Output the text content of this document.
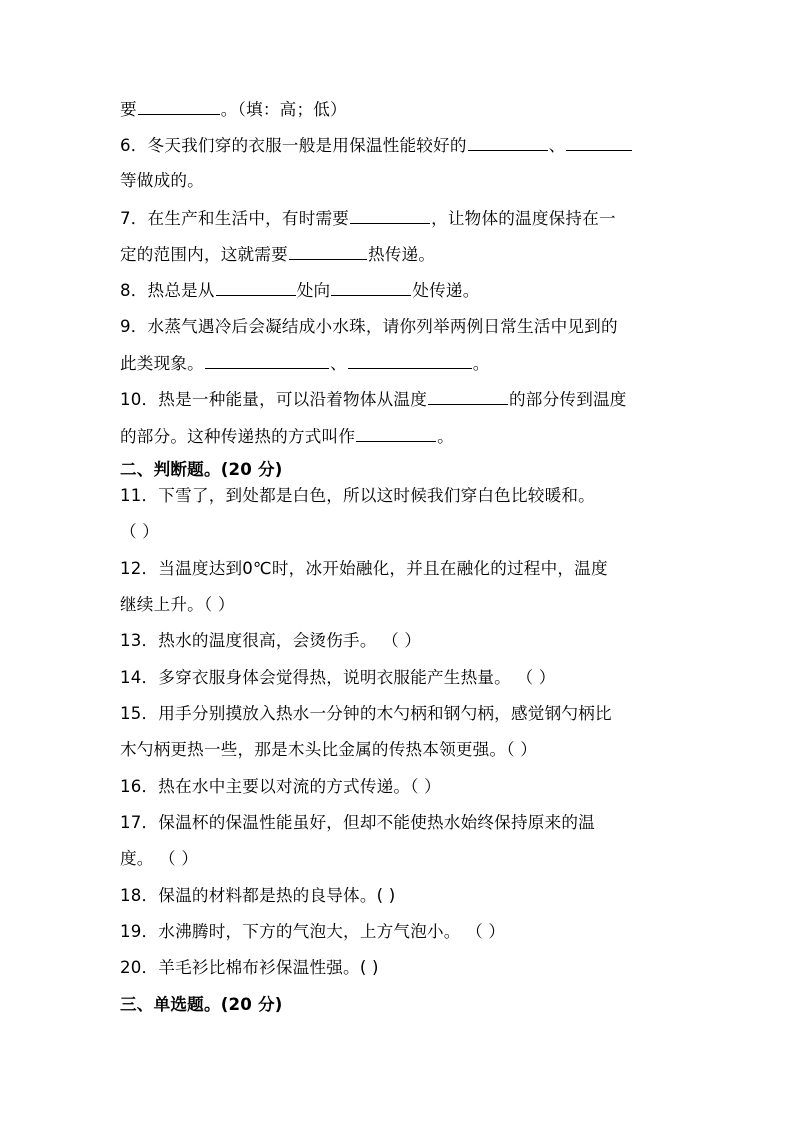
要	。（填：高；低）
6．冬天我们穿的衣服一般是用保温性能较好的	、
等做成的。
7．在生产和生活中，有时需要	，让物体的温度保持在一
定的范围内，这就需要	热传递。
8．热总是从	处向	处传递。
9．水蒸气遇冷后会凝结成小水珠，请你列举两例日常生活中见到的
此类现象。	、	。
10．热是一种能量，可以沿着物体从温度	的部分传到温度
的部分。这种传递热的方式叫作	。
二、判断题。(20 分)
11．下雪了，到处都是白色，所以这时候我们穿白色比较暖和。
（ ）
12．当温度达到0℃时，冰开始融化，并且在融化的过程中，温度
继续上升。（ ）
13．热水的温度很高，会烫伤手。 （ ）
14．多穿衣服身体会觉得热，说明衣服能产生热量。 （ ）
15．用手分别摸放入热水一分钟的木勺柄和钢勺柄，感觉钢勺柄比
木勺柄更热一些，那是木头比金属的传热本领更强。（ ）
16．热在水中主要以对流的方式传递。（ ）
17．保温杯的保温性能虽好，但却不能使热水始终保持原来的温
度。 （ ）
18．保温的材料都是热的良导体。( )
19．水沸腾时，下方的气泡大，上方气泡小。 （ ）
20．羊毛衫比棉布衫保温性强。( )
三、单选题。(20 分)
